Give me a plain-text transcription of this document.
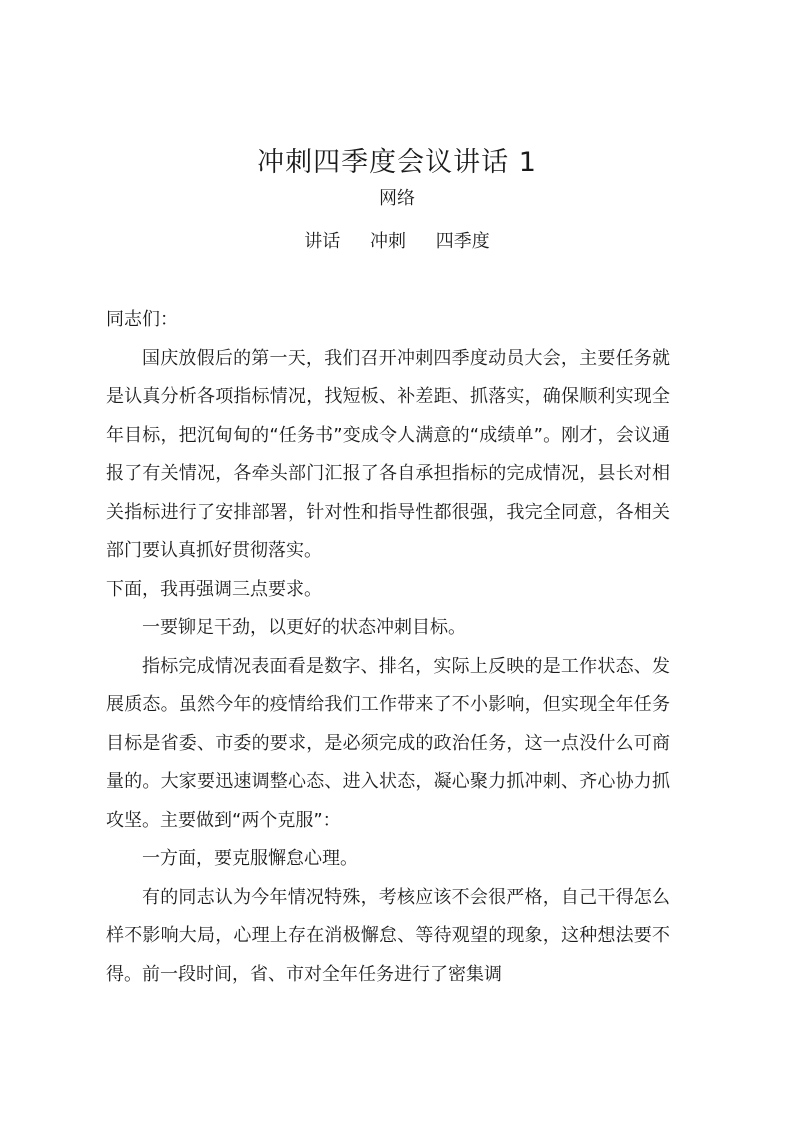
冲刺四季度会议讲话 1
网络
讲话 冲刺 四季度

同志们：

国庆放假后的第一天，我们召开冲刺四季度动员大会，主要任务就是认真分析各项指标情况，找短板、补差距、抓落实，确保顺利实现全年目标，把沉甸甸的“任务书”变成令人满意的“成绩单”。刚才，会议通报了有关情况，各牵头部门汇报了各自承担指标的完成情况，县长对相关指标进行了安排部署，针对性和指导性都很强，我完全同意，各相关部门要认真抓好贯彻落实。

下面，我再强调三点要求。

一要铆足干劲，以更好的状态冲刺目标。

指标完成情况表面看是数字、排名，实际上反映的是工作状态、发展质态。虽然今年的疫情给我们工作带来了不小影响，但实现全年任务目标是省委、市委的要求，是必须完成的政治任务，这一点没什么可商量的。大家要迅速调整心态、进入状态，凝心聚力抓冲刺、齐心协力抓攻坚。主要做到“两个克服”：

一方面，要克服懈怠心理。

有的同志认为今年情况特殊，考核应该不会很严格，自己干得怎么样不影响大局，心理上存在消极懈怠、等待观望的现象，这种想法要不得。前一段时间，省、市对全年任务进行了密集调
